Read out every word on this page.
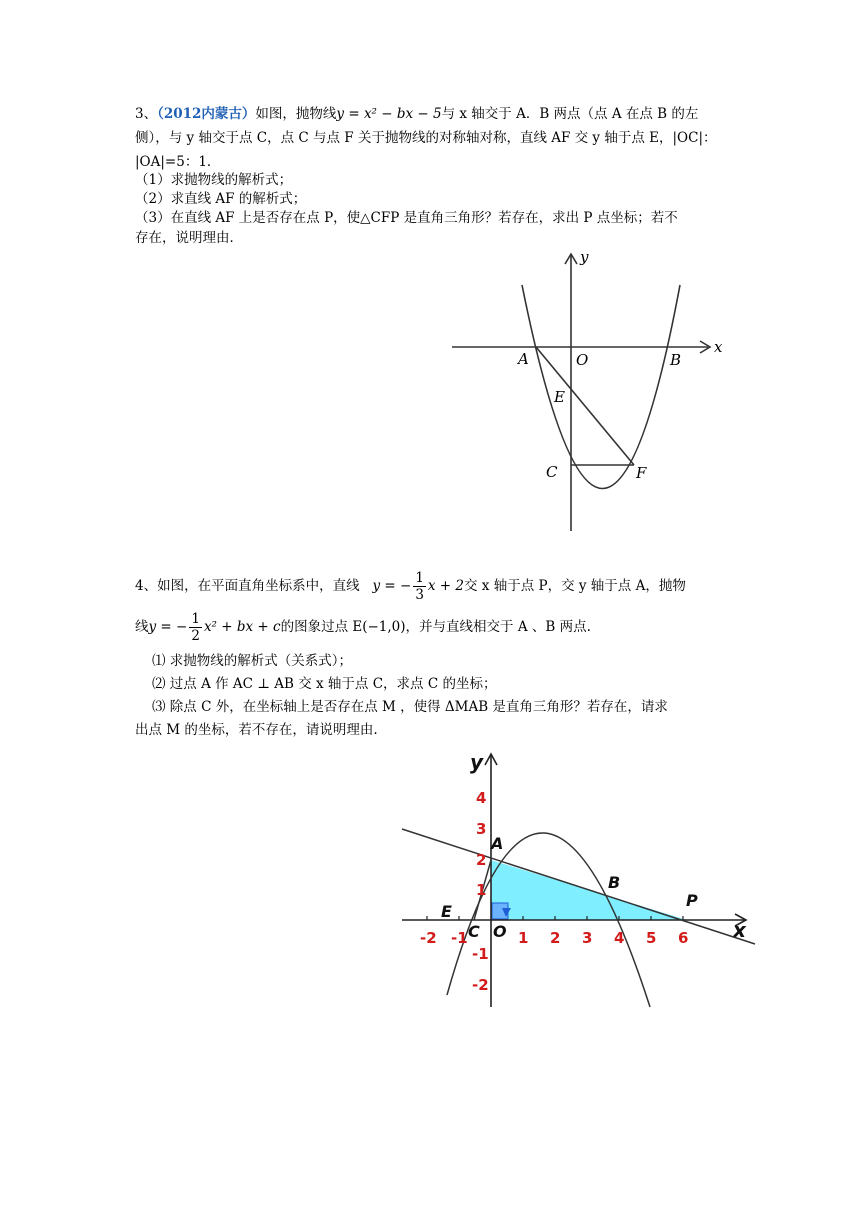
3、（2012内蒙古）如图，抛物线y = x² − bx − 5与 x 轴交于 A．B 两点（点 A 在点 B 的左
侧），与 y 轴交于点 C，点 C 与点 F 关于抛物线的对称轴对称，直线 AF 交 y 轴于点 E，|OC|：
|OA|=5：1．
（1）求抛物线的解析式；
（2）求直线 AF 的解析式；
（3）在直线 AF 上是否存在点 P，使△CFP 是直角三角形？若存在，求出 P 点坐标；若不
存在，说明理由．
x
y
A	O	B
E
C	F
4、如图，在平面直角坐标系中，直线 y = − $\frac{1}{3}$ x + 2交 x 轴于点 P，交 y 轴于点 A，抛物
线y = − $\frac{1}{2} x^2$ + bx + c的图象过点 E(−1,0)，并与直线相交于 A 、B 两点.
⑴ 求抛物线的解析式（关系式）；
⑵ 过点 A 作 AC ⊥ AB 交 x 轴于点 C，求点 C 的坐标；
⑶ 除点 C 外，在坐标轴上是否存在点 M ，使得 ΔMAB 是直角三角形？若存在，请求
出点 M 的坐标，若不存在，请说明理由.
x
y
-2 -1	1 2 3 4 5 6
4
3
2
1
-1
-2
A
B
P
E
C O
